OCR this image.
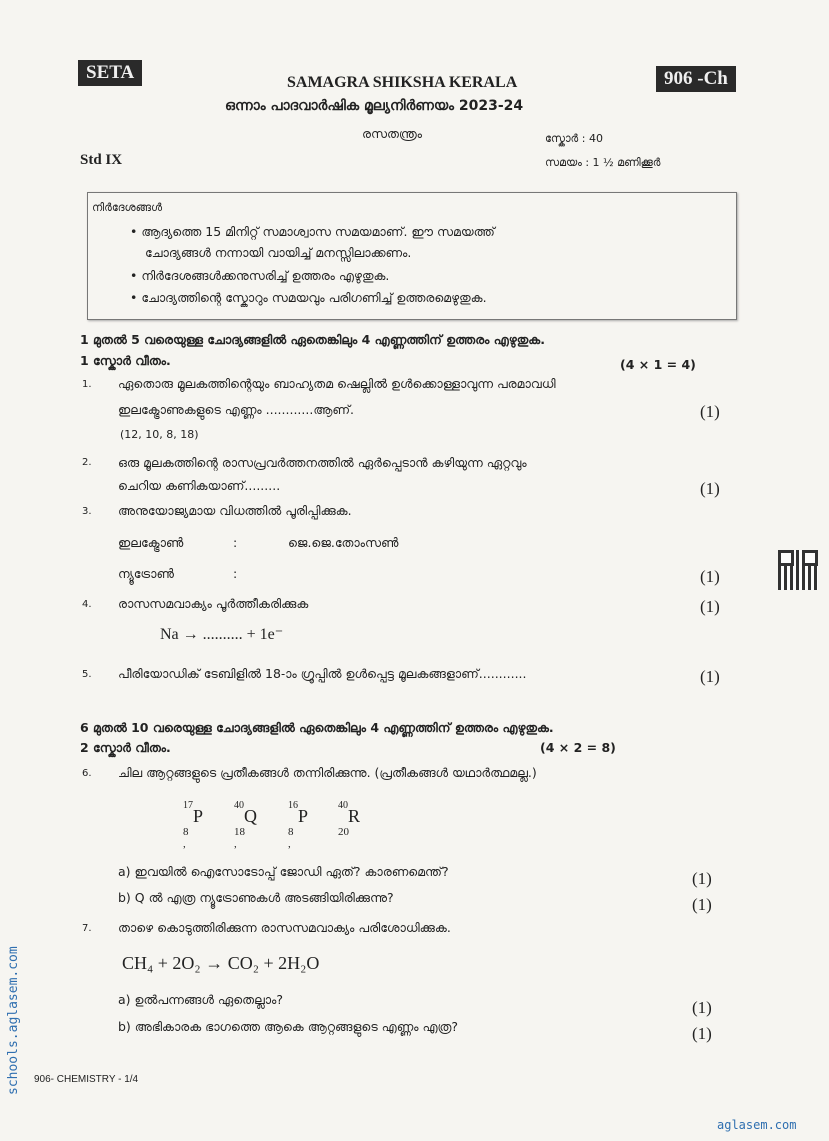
SETA	906 -Ch
SAMAGRA SHIKSHA KERALA
ഒന്നാം പാദവാർഷിക മൂല്യനിർണയം 2023-24
രസതന്ത്രം	സ്കോർ : 40
Std IX	സമയം : 1 ½ മണിക്കൂർ
നിർദേശങ്ങൾ
• ആദ്യത്തെ 15 മിനിറ്റ് സമാശ്വാസ സമയമാണ്. ഈ സമയത്ത്
ചോദ്യങ്ങൾ നന്നായി വായിച്ച് മനസ്സിലാക്കണം.
• നിർദേശങ്ങൾക്കനുസരിച്ച് ഉത്തരം എഴുതുക.
• ചോദ്യത്തിന്റെ സ്കോറും സമയവും പരിഗണിച്ച് ഉത്തരമെഴുതുക.
1 മുതൽ 5 വരെയുള്ള ചോദ്യങ്ങളിൽ ഏതെങ്കിലും 4 എണ്ണത്തിന് ഉത്തരം എഴുതുക.
1 സ്കോർ വീതം.	(4 × 1 = 4)
1. ഏതൊരു മൂലകത്തിന്റെയും ബാഹ്യതമ ഷെല്ലിൽ ഉൾക്കൊള്ളാവുന്ന പരമാവധി
ഇലക്ട്രോണുകളുടെ എണ്ണം ............ആണ്.	(1)
(12, 10, 8, 18)
2. ഒരു മൂലകത്തിന്റെ രാസപ്രവർത്തനത്തിൽ ഏർപ്പെടാൻ കഴിയുന്ന ഏറ്റവും
ചെറിയ കണികയാണ്.........	(1)
3. അനുയോജ്യമായ വിധത്തിൽ പൂരിപ്പിക്കുക.
ഇലക്ട്രോൺ	:	ജെ.ജെ.തോംസൺ
ന്യൂട്രോൺ	:	(1)
4. രാസസമവാക്യം പൂർത്തീകരിക്കുക	(1)
Na → .......... + 1e⁻
5. പീരിയോഡിക് ടേബിളിൽ 18-ാം ഗ്രൂപ്പിൽ ഉൾപ്പെട്ട മൂലകങ്ങളാണ്............	(1)
6 മുതൽ 10 വരെയുള്ള ചോദ്യങ്ങളിൽ ഏതെങ്കിലും 4 എണ്ണത്തിന് ഉത്തരം എഴുതുക.
2 സ്കോർ വീതം.	(4 × 2 = 8)
6. ചില ആറ്റങ്ങളുടെ പ്രതീകങ്ങൾ തന്നിരിക്കുന്നു. (പ്രതീകങ്ങൾ യഥാർത്ഥമല്ല.)
17
P
8 ,
40
Q
18 ,
16
P
8 ,
40
R
20
a) ഇവയിൽ ഐസോടോപ്പ് ജോഡി ഏത്? കാരണമെന്ത്?	(1)
b) Q ൽ എത്ര ന്യൂട്രോണുകൾ അടങ്ങിയിരിക്കുന്നു?	(1)
7. താഴെ കൊടുത്തിരിക്കുന്ന രാസസമവാക്യം പരിശോധിക്കുക.
CH₄ + 2O₂ → CO₂ + 2H₂O
a) ഉൽപന്നങ്ങൾ ഏതെല്ലാം?	(1)
b) അഭികാരക ഭാഗത്തെ ആകെ ആറ്റങ്ങളുടെ എണ്ണം എത്ര?	(1)
906- CHEMISTRY - 1/4
schools.aglasem.com
aglasem.com
